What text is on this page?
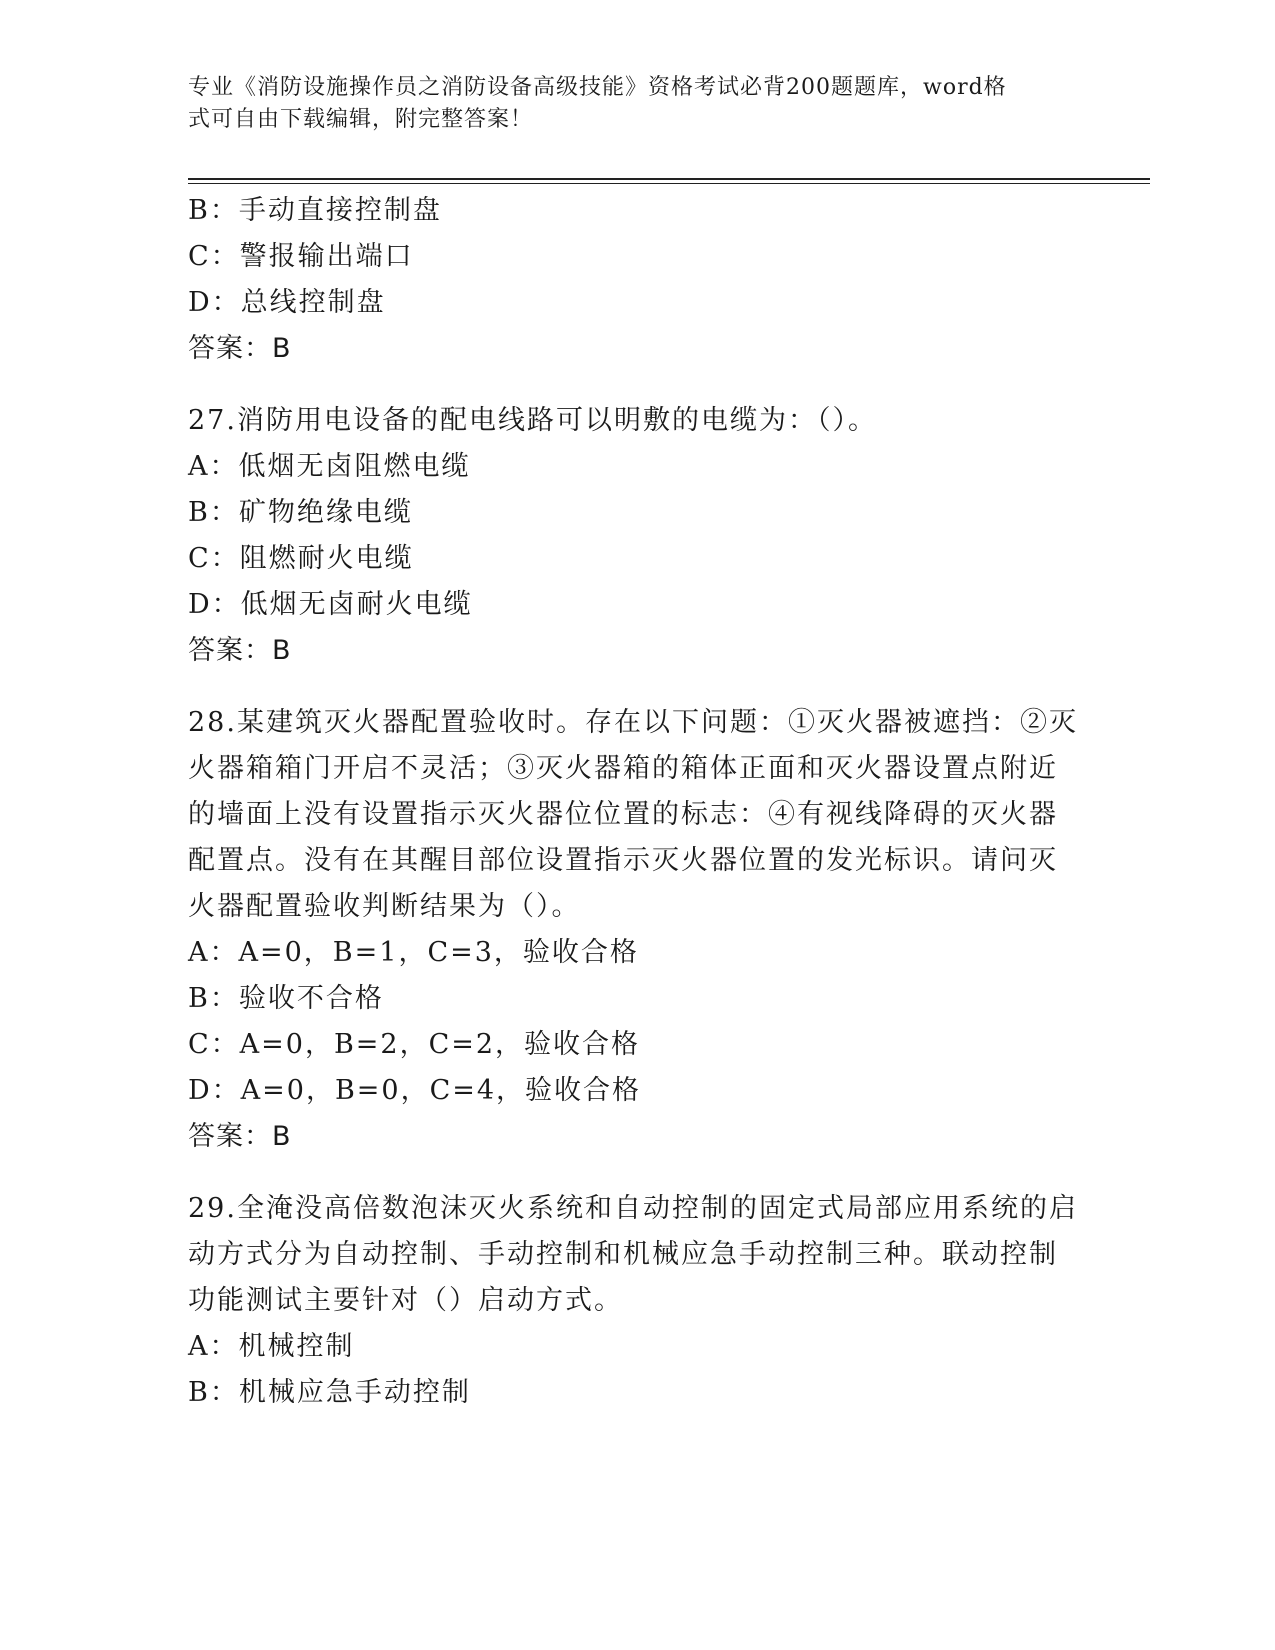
专业《消防设施操作员之消防设备高级技能》资格考试必背200题题库，word格
式可自由下载编辑，附完整答案！
B：手动直接控制盘
C：警报输出端口
D：总线控制盘
答案：B
27.消防用电设备的配电线路可以明敷的电缆为：（）。
A：低烟无卤阻燃电缆
B：矿物绝缘电缆
C：阻燃耐火电缆
D：低烟无卤耐火电缆
答案：B
28.某建筑灭火器配置验收时。存在以下问题：①灭火器被遮挡：②灭
火器箱箱门开启不灵活；③灭火器箱的箱体正面和灭火器设置点附近
的墙面上没有设置指示灭火器位位置的标志：④有视线降碍的灭火器
配置点。没有在其醒目部位设置指示灭火器位置的发光标识。请问灭
火器配置验收判断结果为（）。
A：A=0，B=1，C=3，验收合格
B：验收不合格
C：A=0，B=2，C=2，验收合格
D：A=0，B=0，C=4，验收合格
答案：B
29.全淹没高倍数泡沫灭火系统和自动控制的固定式局部应用系统的启
动方式分为自动控制、手动控制和机械应急手动控制三种。联动控制
功能测试主要针对（）启动方式。
A：机械控制
B：机械应急手动控制
